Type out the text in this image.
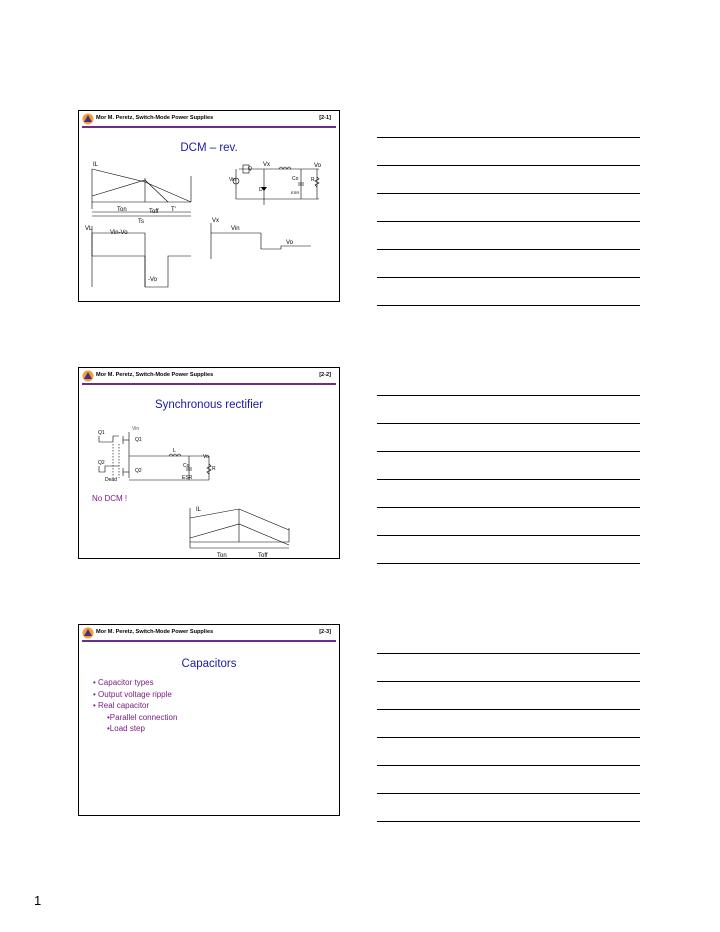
Mor M. Peretz, Switch-Mode Power Supplies	[2-1]
DCM – rev.
IL	Vx	Vo
Q
Vin
D
Co	R
ESR
Ton	Toff T'
Ts
VL
Vin-Vo
-Vo
Vx
Vin
Vo
Mor M. Peretz, Switch-Mode Power Supplies	[2-2]
Synchronous rectifier
Vin
Q1
Q1
Q2
Q2
L
Vo
Co	R
ESR
Dead
IL
Ton	Toff
No DCM !
Mor M. Peretz, Switch-Mode Power Supplies	[2-3]
Capacitors
• Capacitor types
• Output voltage ripple
• Real capacitor
•Parallel connection
•Load step
1
